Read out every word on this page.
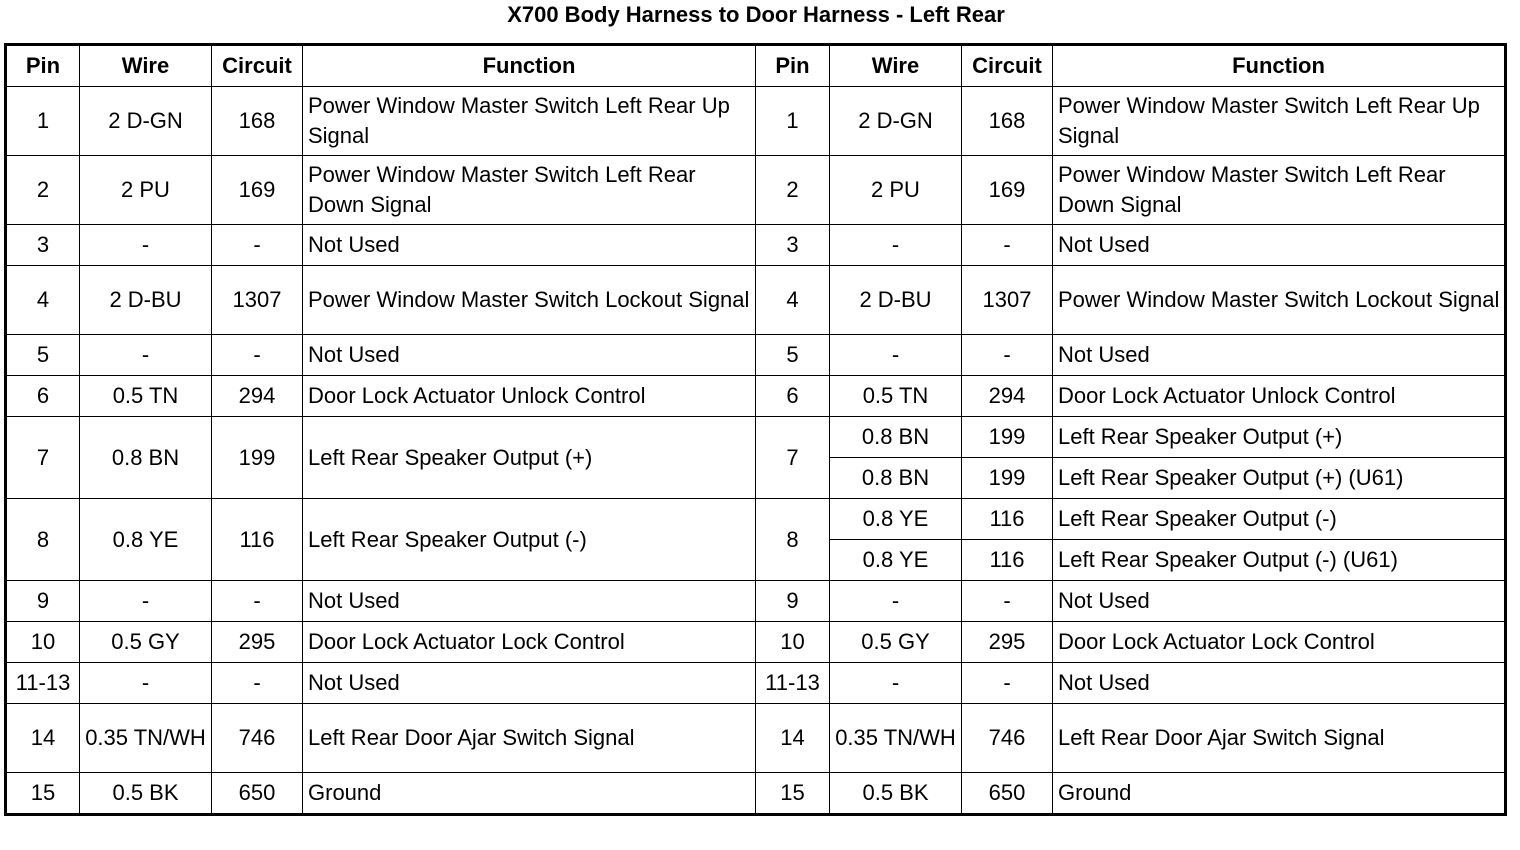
X700 Body Harness to Door Harness - Left Rear
Pin	Wire	Circuit	Function	Pin	Wire	Circuit	Function
1	2 D-GN	168	Power Window Master Switch Left Rear Up Signal	1	2 D-GN	168	Power Window Master Switch Left Rear Up Signal
2	2 PU	169	Power Window Master Switch Left Rear Down Signal	2	2 PU	169	Power Window Master Switch Left Rear Down Signal
3	-	-	Not Used	3	-	-	Not Used
4	2 D-BU	1307	Power Window Master Switch Lockout Signal	4	2 D-BU	1307	Power Window Master Switch Lockout Signal
5	-	-	Not Used	5	-	-	Not Used
6	0.5 TN	294	Door Lock Actuator Unlock Control	6	0.5 TN	294	Door Lock Actuator Unlock Control
7	0.8 BN	199	Left Rear Speaker Output (+)	7	0.8 BN	199	Left Rear Speaker Output (+)
					0.8 BN	199	Left Rear Speaker Output (+) (U61)
8	0.8 YE	116	Left Rear Speaker Output (-)	8	0.8 YE	116	Left Rear Speaker Output (-)
					0.8 YE	116	Left Rear Speaker Output (-) (U61)
9	-	-	Not Used	9	-	-	Not Used
10	0.5 GY	295	Door Lock Actuator Lock Control	10	0.5 GY	295	Door Lock Actuator Lock Control
11-13	-	-	Not Used	11-13	-	-	Not Used
14	0.35 TN/WH	746	Left Rear Door Ajar Switch Signal	14	0.35 TN/WH	746	Left Rear Door Ajar Switch Signal
15	0.5 BK	650	Ground	15	0.5 BK	650	Ground
